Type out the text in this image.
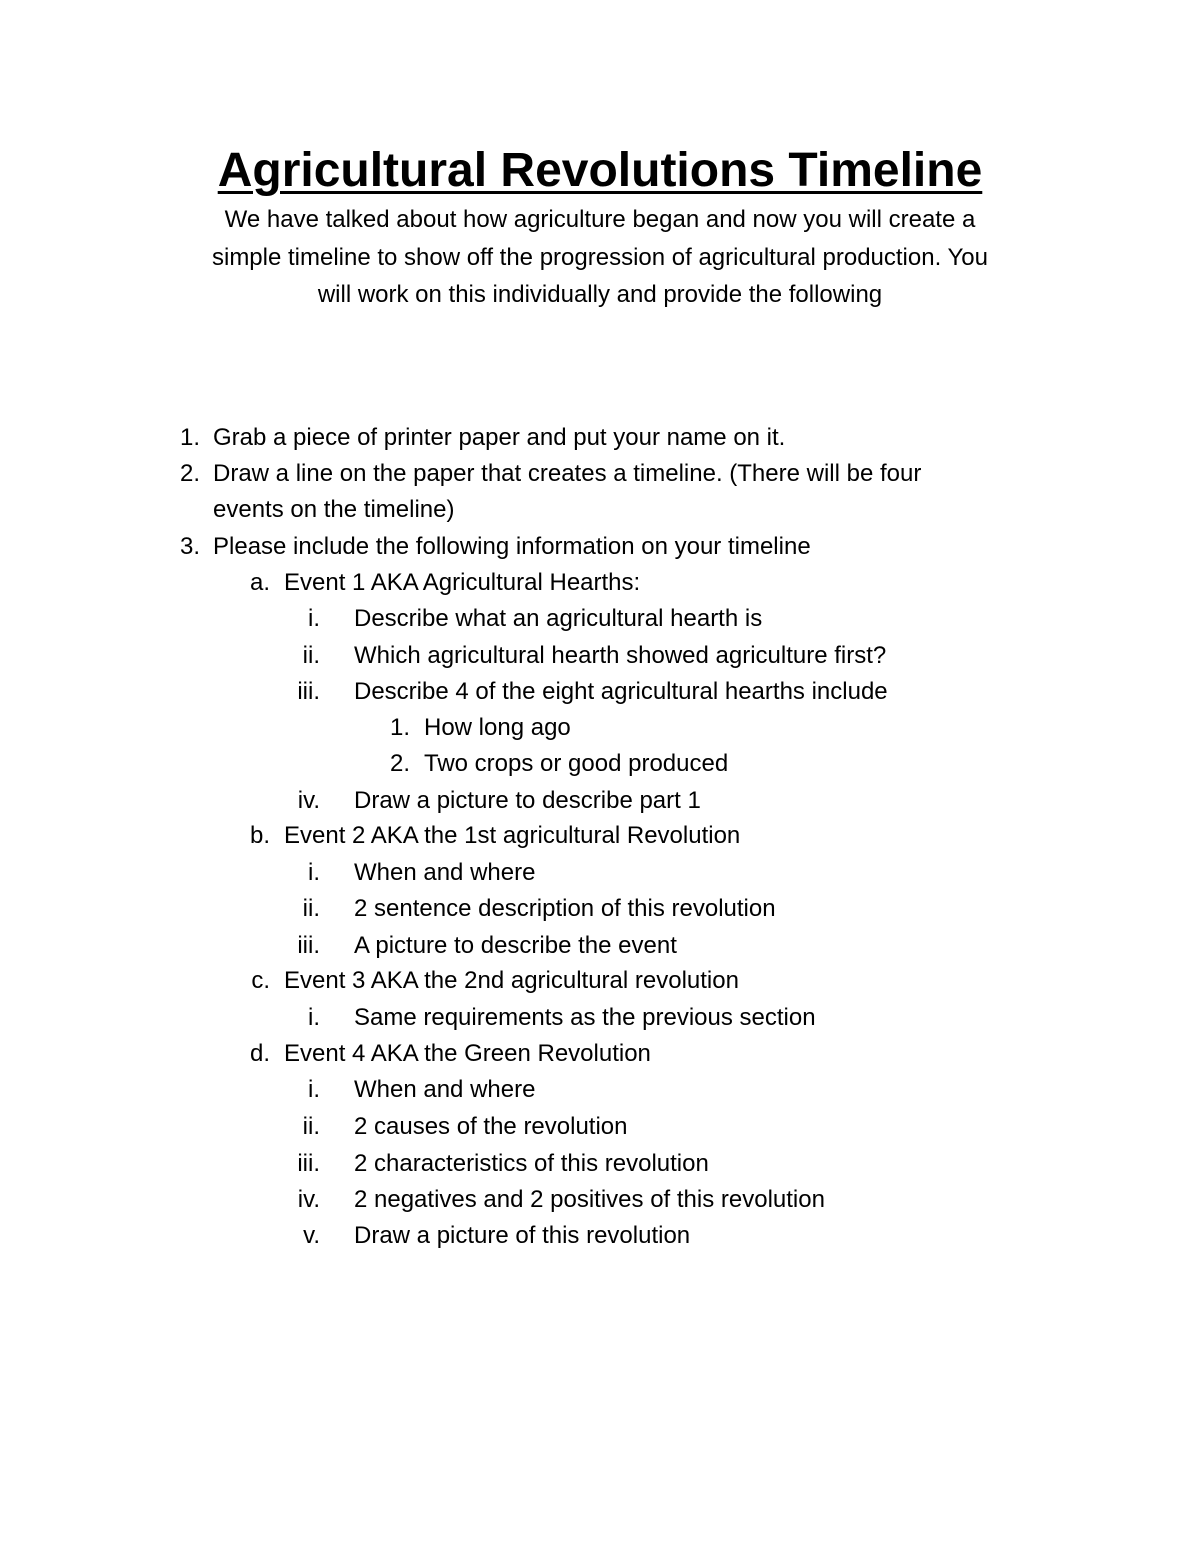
Agricultural Revolutions Timeline

We have talked about how agriculture began and now you will create a
simple timeline to show off the progression of agricultural production. You
will work on this individually and provide the following

1. Grab a piece of printer paper and put your name on it.
2. Draw a line on the paper that creates a timeline. (There will be four
events on the timeline)
3. Please include the following information on your timeline
a. Event 1 AKA Agricultural Hearths:
i. Describe what an agricultural hearth is
ii. Which agricultural hearth showed agriculture first?
iii. Describe 4 of the eight agricultural hearths include
1. How long ago
2. Two crops or good produced
iv. Draw a picture to describe part 1
b. Event 2 AKA the 1st agricultural Revolution
i. When and where
ii. 2 sentence description of this revolution
iii. A picture to describe the event
c. Event 3 AKA the 2nd agricultural revolution
i. Same requirements as the previous section
d. Event 4 AKA the Green Revolution
i. When and where
ii. 2 causes of the revolution
iii. 2 characteristics of this revolution
iv. 2 negatives and 2 positives of this revolution
v. Draw a picture of this revolution
